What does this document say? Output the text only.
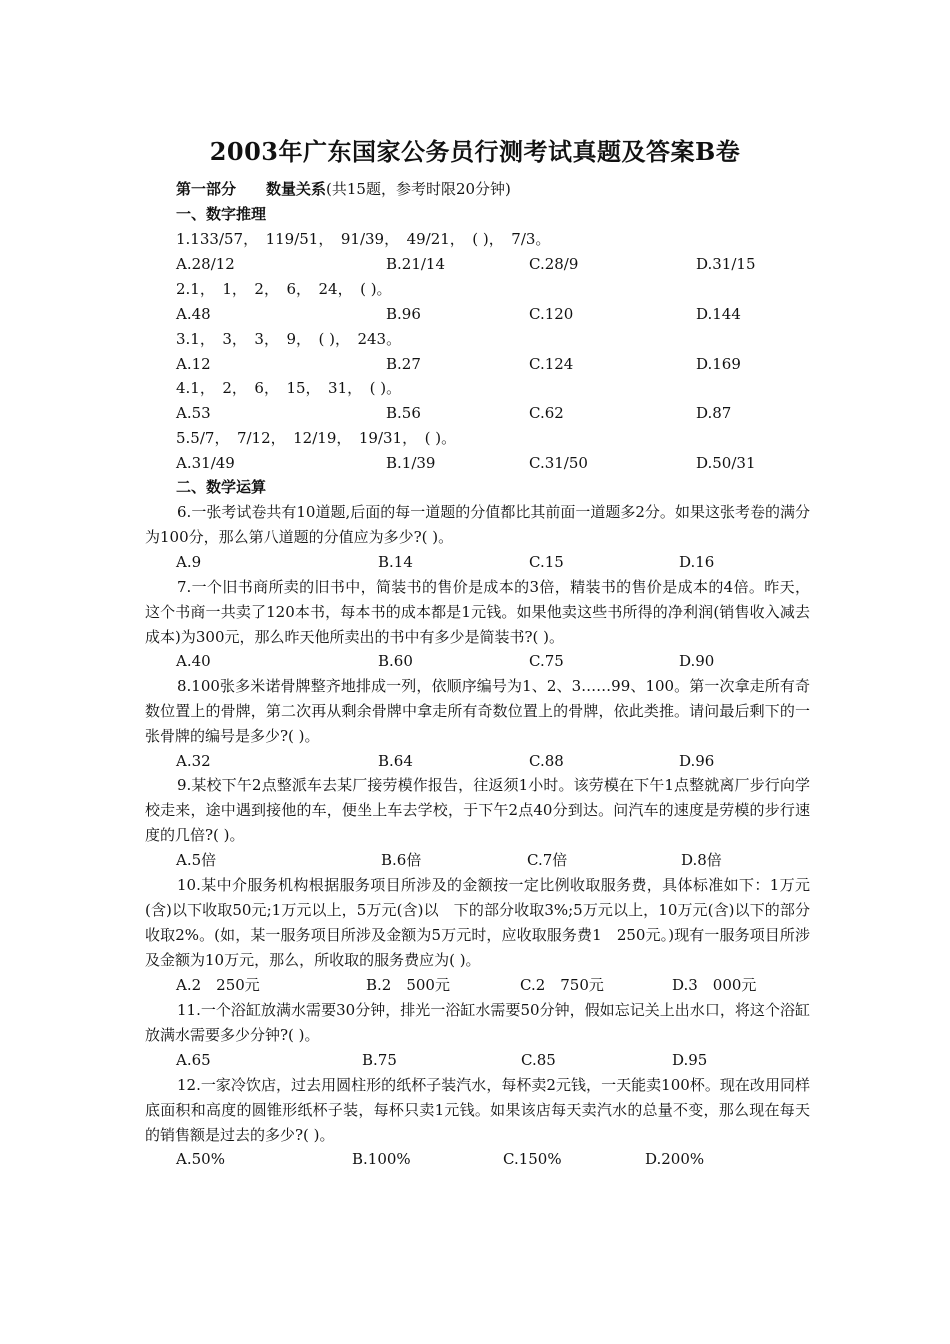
2003年广东国家公务员行测考试真题及答案B卷
第一部分 数量关系(共15题，参考时限20分钟)
一、数字推理
1.133/57，　119/51，　91/39，　49/21，　( )，　7/3。
A.28/12	B.21/14	C.28/9	D.31/15
2.1，　1，　2，　6，　24，　( )。
A.48	B.96	C.120	D.144
3.1，　3，　3，　9，　( )，　243。
A.12	B.27	C.124	D.169
4.1，　2，　6，　15，　31，　( )。
A.53	B.56	C.62	D.87
5.5/7，　7/12，　12/19，　19/31，　( )。
A.31/49	B.1/39	C.31/50	D.50/31
二、数学运算
6.一张考试卷共有10道题,后面的每一道题的分值都比其前面一道题多2分。如果这张考卷的满分为100分，那么第八道题的分值应为多少?( )。
A.9	B.14	C.15	D.16
7.一个旧书商所卖的旧书中，简装书的售价是成本的3倍，精装书的售价是成本的4倍。昨天，这个书商一共卖了120本书，每本书的成本都是1元钱。如果他卖这些书所得的净利润(销售收入减去成本)为300元，那么昨天他所卖出的书中有多少是简装书?( )。
A.40	B.60	C.75	D.90
8.100张多米诺骨牌整齐地排成一列，依顺序编号为1、2、3……99、100。第一次拿走所有奇数位置上的骨牌，第二次再从剩余骨牌中拿走所有奇数位置上的骨牌，依此类推。请问最后剩下的一张骨牌的编号是多少?( )。
A.32	B.64	C.88	D.96
9.某校下午2点整派车去某厂接劳模作报告，往返须1小时。该劳模在下午1点整就离厂步行向学校走来，途中遇到接他的车，便坐上车去学校，于下午2点40分到达。问汽车的速度是劳模的步行速度的几倍?( )。
A.5倍	B.6倍	C.7倍	D.8倍
10.某中介服务机构根据服务项目所涉及的金额按一定比例收取服务费，具体标准如下：1万元(含)以下收取50元;1万元以上，5万元(含)以　下的部分收取3%;5万元以上，10万元(含)以下的部分收取2%。(如，某一服务项目所涉及金额为5万元时，应收取服务费1　250元。)现有一服务项目所涉及金额为10万元，那么，所收取的服务费应为( )。
A.2　250元	B.2　500元	C.2　750元	D.3　000元
11.一个浴缸放满水需要30分钟，排光一浴缸水需要50分钟，假如忘记关上出水口，将这个浴缸放满水需要多少分钟?( )。
A.65	B.75	C.85	D.95
12.一家冷饮店，过去用圆柱形的纸杯子装汽水，每杯卖2元钱，一天能卖100杯。现在改用同样底面积和高度的圆锥形纸杯子装，每杯只卖1元钱。如果该店每天卖汽水的总量不变，那么现在每天的销售额是过去的多少?( )。
A.50%	B.100%	C.150%	D.200%
